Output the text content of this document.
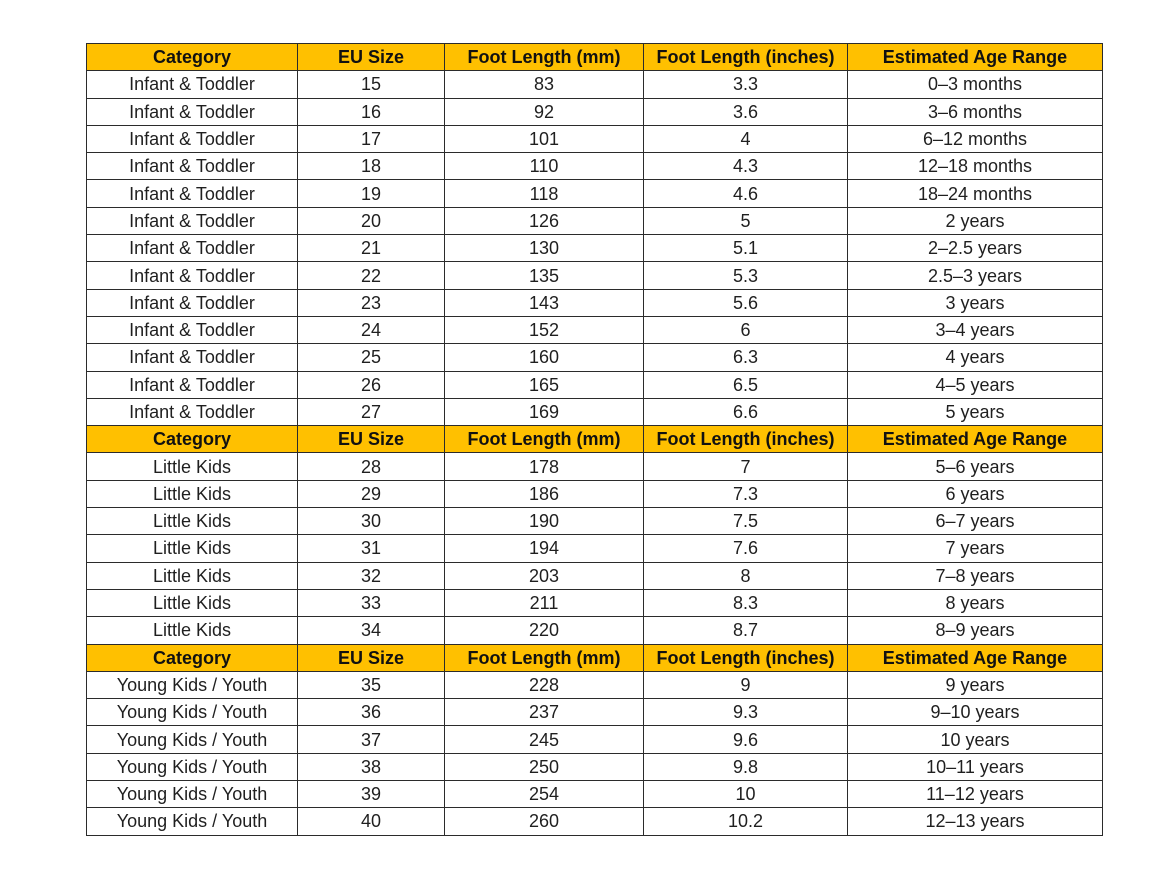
Category	EU Size	Foot Length (mm)	Foot Length (inches)	Estimated Age Range
Infant & Toddler	15	83	3.3	0–3 months
Infant & Toddler	16	92	3.6	3–6 months
Infant & Toddler	17	101	4	6–12 months
Infant & Toddler	18	110	4.3	12–18 months
Infant & Toddler	19	118	4.6	18–24 months
Infant & Toddler	20	126	5	2 years
Infant & Toddler	21	130	5.1	2–2.5 years
Infant & Toddler	22	135	5.3	2.5–3 years
Infant & Toddler	23	143	5.6	3 years
Infant & Toddler	24	152	6	3–4 years
Infant & Toddler	25	160	6.3	4 years
Infant & Toddler	26	165	6.5	4–5 years
Infant & Toddler	27	169	6.6	5 years
Category	EU Size	Foot Length (mm)	Foot Length (inches)	Estimated Age Range
Little Kids	28	178	7	5–6 years
Little Kids	29	186	7.3	6 years
Little Kids	30	190	7.5	6–7 years
Little Kids	31	194	7.6	7 years
Little Kids	32	203	8	7–8 years
Little Kids	33	211	8.3	8 years
Little Kids	34	220	8.7	8–9 years
Category	EU Size	Foot Length (mm)	Foot Length (inches)	Estimated Age Range
Young Kids / Youth	35	228	9	9 years
Young Kids / Youth	36	237	9.3	9–10 years
Young Kids / Youth	37	245	9.6	10 years
Young Kids / Youth	38	250	9.8	10–11 years
Young Kids / Youth	39	254	10	11–12 years
Young Kids / Youth	40	260	10.2	12–13 years
